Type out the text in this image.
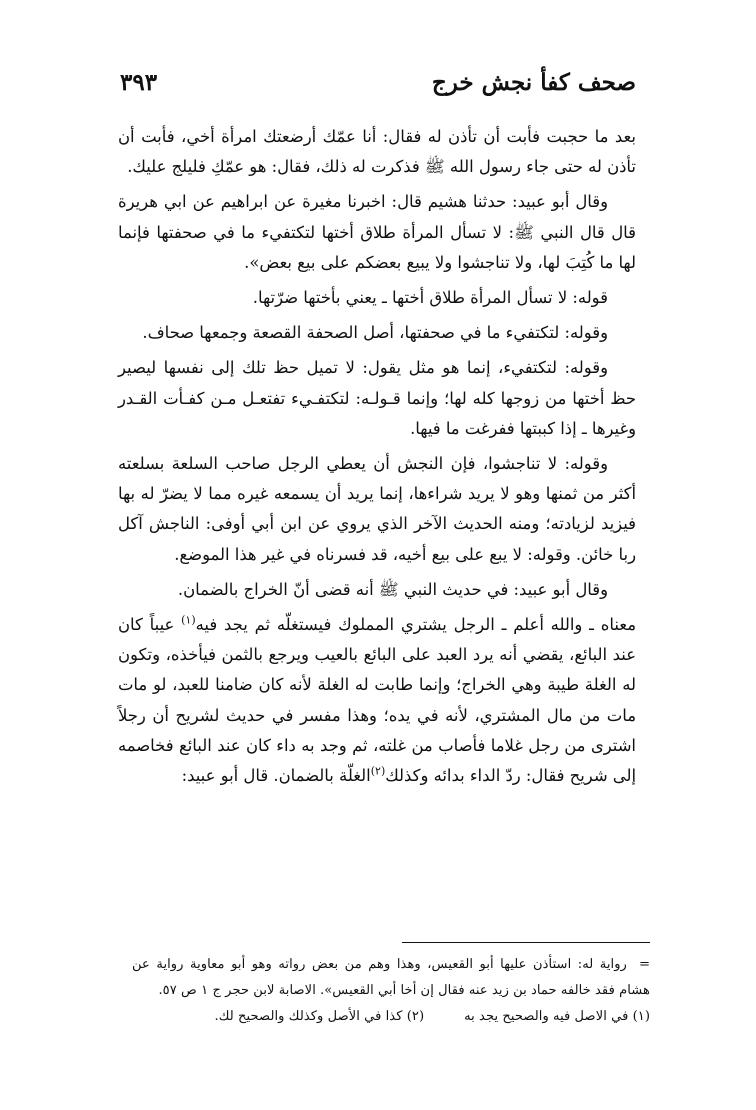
صحف كفأ نجش خرج
٣٩٣

بعد ما حجبت فأبت أن تأذن له فقال: أنا عمّك أرضعتك امرأة أخي، فأبت أن تأذن له حتى جاء رسول الله ﷺ فذكرت له ذلك، فقال: هو عمّكِ فليلج عليك.

وقال أبو عبيد: حدثنا هشيم قال: اخبرنا مغيرة عن ابراهيم عن ابي هريرة قال قال النبي ﷺ: لا تسأل المرأة طلاق أختها لتكتفيء ما في صحفتها فإنما لها ما كُتِبَ لها، ولا تناجشوا ولا يبيع بعضكم على بيع بعض».

قوله: لا تسأل المرأة طلاق أختها ـ يعني بأختها ضرّتها.

وقوله: لتكتفيء ما في صحفتها، أصل الصحفة القصعة وجمعها صحاف.

وقوله: لتكتفيء، إنما هو مثل يقول: لا تميل حظ تلك إلى نفسها ليصير حظ أختها من زوجها كله لها؛ وإنما قـولـه: لتكتفـيء تفتعـل مـن كفـأت القـدر وغيرها ـ إذا كببتها ففرغت ما فيها.

وقوله: لا تناجشوا، فإن النجش أن يعطي الرجل صاحب السلعة بسلعته أكثر من ثمنها وهو لا يريد شراءها، إنما يريد أن يسمعه غيره مما لا يضرّ له بها فيزيد لزيادته؛ ومنه الحديث الآخر الذي يروي عن ابن أبي أوفى: الناجش آكل ربا خائن. وقوله: لا يبع على بيع أخيه، قد فسرناه في غير هذا الموضع.

وقال أبو عبيد: في حديث النبي ﷺ أنه قضى أنّ الخراج بالضمان.

معناه ـ والله أعلم ـ الرجل يشتري المملوك فيستغلّه ثم يجد فيه$^{(١)}$ عيباً كان عند البائع، يقضي أنه يرد العبد على البائع بالعيب ويرجع بالثمن فيأخذه، وتكون له الغلة طيبة وهي الخراج؛ وإنما طابت له الغلة لأنه كان ضامنا للعبد، لو مات مات من مال المشتري، لأنه في يده؛ وهذا مفسر في حديث لشريح أن رجلاً اشترى من رجل غلاما فأصاب من غلته، ثم وجد به داء كان عند البائع فخاصمه إلى شريح فقال: ردّ الداء بدائه وكذلك$^{(٢)}$الغلّة بالضمان. قال أبو عبيد:

=رواية له: استأذن عليها أبو القعيس، وهذا وهم من بعض رواته وهو أبو معاوية رواية عن هشام فقد خالفه حماد بن زيد عنه فقال إن أخا أبي القعيس». الاصابة لابن حجر ج ١ ص ٥٧.

(١) في الاصل فيه والصحيح يجد به(٢) كذا في الأصل وكذلك والصحيح لك.
